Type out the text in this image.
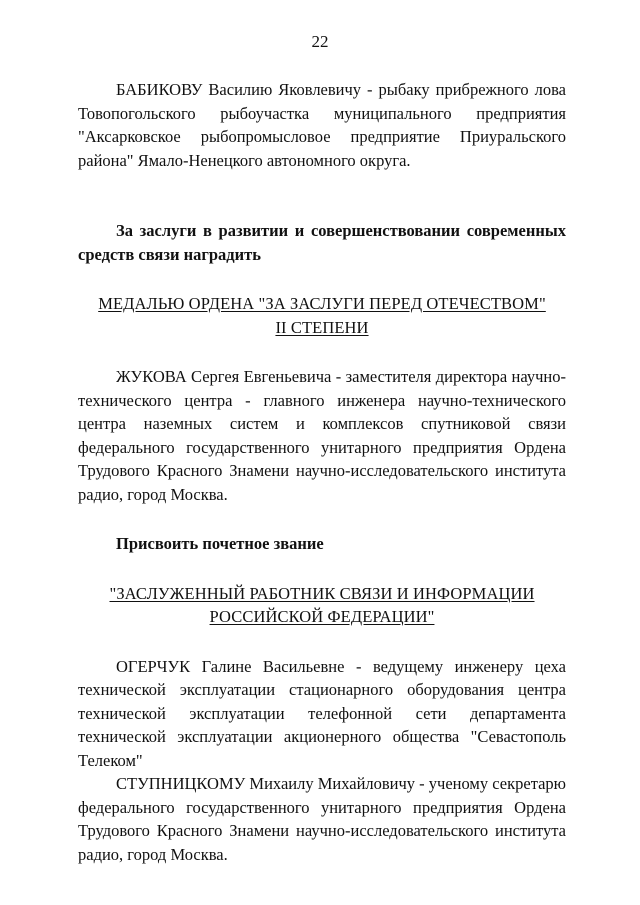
22

БАБИКОВУ Василию Яковлевичу - рыбаку прибрежного лова Товопогольского рыбоучастка муниципального предприятия "Аксарковское рыбопромысловое предприятие Приуральского района" Ямало-Ненецкого автономного округа.

За заслуги в развитии и совершенствовании современных средств связи наградить

МЕДАЛЬЮ ОРДЕНА "ЗА ЗАСЛУГИ ПЕРЕД ОТЕЧЕСТВОМ"
II СТЕПЕНИ

ЖУКОВА Сергея Евгеньевича - заместителя директора научно-технического центра - главного инженера научно-технического центра наземных систем и комплексов спутниковой связи федерального государственного унитарного предприятия Ордена Трудового Красного Знамени научно-исследовательского института радио, город Москва.

Присвоить почетное звание

"ЗАСЛУЖЕННЫЙ РАБОТНИК СВЯЗИ И ИНФОРМАЦИИ
РОССИЙСКОЙ ФЕДЕРАЦИИ"

ОГЕРЧУК Галине Васильевне - ведущему инженеру цеха технической эксплуатации стационарного оборудования центра технической эксплуатации телефонной сети департамента технической эксплуатации акционерного общества "Севастополь Телеком"

СТУПНИЦКОМУ Михаилу Михайловичу - ученому секретарю федерального государственного унитарного предприятия Ордена Трудового Красного Знамени научно-исследовательского института радио, город Москва.
